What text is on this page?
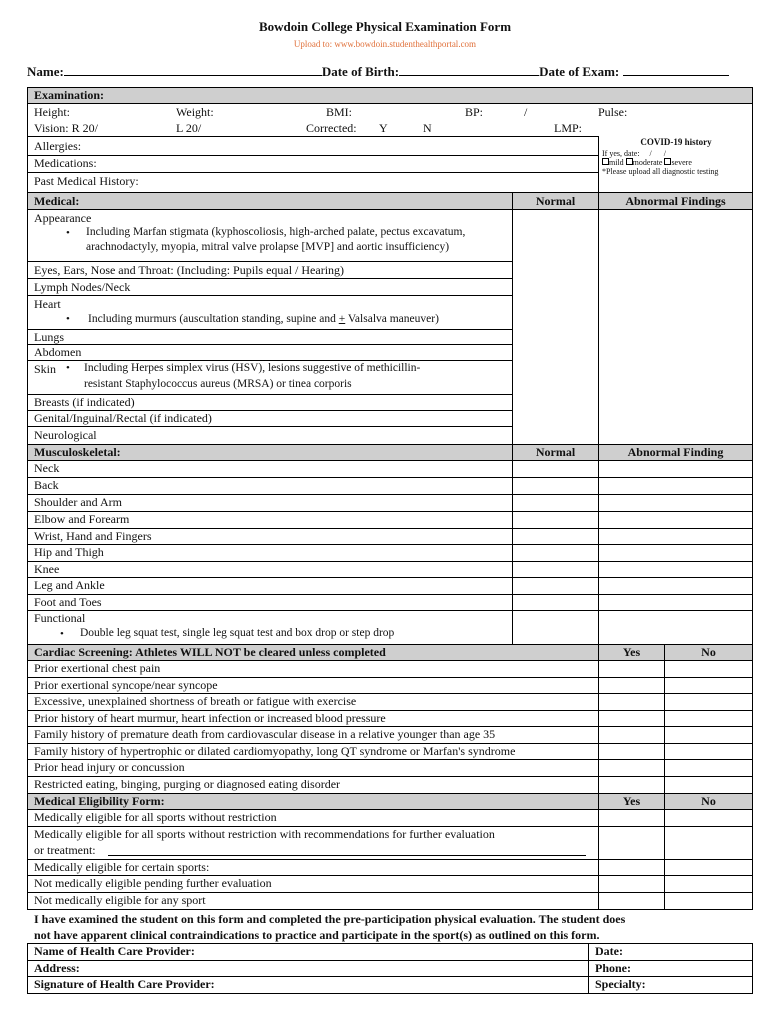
Bowdoin College Physical Examination Form
Upload to: www.bowdoin.studenthealthportal.com
Name:	Date of Birth:	Date of Exam:
Examination:
Height:	Weight:	BMI:	BP:	/	Pulse:
Vision: R 20/	L 20/	Corrected: Y	N	LMP:
Allergies:
Medications:
Past Medical History:
COVID-19 history
If yes, date: / /
mild moderate severe
*Please upload all diagnostic testing
Medical:	Normal	Abnormal Findings
Appearance
• Including Marfan stigmata (kyphoscoliosis, high-arched palate, pectus excavatum,
arachnodactyly, myopia, mitral valve prolapse [MVP] and aortic insufficiency)
Eyes, Ears, Nose and Throat: (Including: Pupils equal / Hearing)
Lymph Nodes/Neck
Heart
• Including murmurs (auscultation standing, supine and + Valsalva maneuver)
Lungs
Abdomen
Skin • Including Herpes simplex virus (HSV), lesions suggestive of methicillin-
resistant Staphylococcus aureus (MRSA) or tinea corporis
Breasts (if indicated)
Genital/Inguinal/Rectal (if indicated)
Neurological
Musculoskeletal:	Normal	Abnormal Finding
Neck
Back
Shoulder and Arm
Elbow and Forearm
Wrist, Hand and Fingers
Hip and Thigh
Knee
Leg and Ankle
Foot and Toes
Functional
• Double leg squat test, single leg squat test and box drop or step drop
Cardiac Screening: Athletes WILL NOT be cleared unless completed	Yes	No
Prior exertional chest pain
Prior exertional syncope/near syncope
Excessive, unexplained shortness of breath or fatigue with exercise
Prior history of heart murmur, heart infection or increased blood pressure
Family history of premature death from cardiovascular disease in a relative younger than age 35
Family history of hypertrophic or dilated cardiomyopathy, long QT syndrome or Marfan's syndrome
Prior head injury or concussion
Restricted eating, binging, purging or diagnosed eating disorder
Medical Eligibility Form:	Yes	No
Medically eligible for all sports without restriction
Medically eligible for all sports without restriction with recommendations for further evaluation
or treatment:
Medically eligible for certain sports:
Not medically eligible pending further evaluation
Not medically eligible for any sport
I have examined the student on this form and completed the pre-participation physical evaluation. The student does
not have apparent clinical contraindications to practice and participate in the sport(s) as outlined on this form.
Name of Health Care Provider:	Date:
Address:	Phone:
Signature of Health Care Provider:	Specialty:
